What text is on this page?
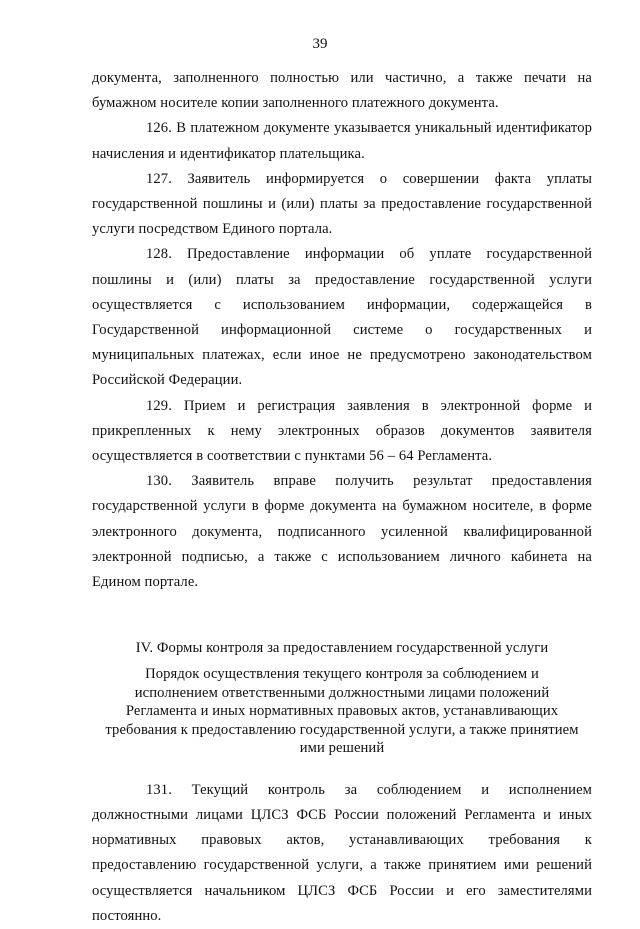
39

документа, заполненного полностью или частично, а также печати на бумажном носителе копии заполненного платежного документа.

126. В платежном документе указывается уникальный идентификатор начисления и идентификатор плательщика.

127. Заявитель информируется о совершении факта уплаты государственной пошлины и (или) платы за предоставление государственной услуги посредством Единого портала.

128. Предоставление информации об уплате государственной пошлины и (или) платы за предоставление государственной услуги осуществляется с использованием информации, содержащейся в Государственной информационной системе о государственных и муниципальных платежах, если иное не предусмотрено законодательством Российской Федерации.

129. Прием и регистрация заявления в электронной форме и прикрепленных к нему электронных образов документов заявителя осуществляется в соответствии с пунктами 56 – 64 Регламента.

130. Заявитель вправе получить результат предоставления государственной услуги в форме документа на бумажном носителе, в форме электронного документа, подписанного усиленной квалифицированной электронной подписью, а также с использованием личного кабинета на Едином портале.

IV. Формы контроля за предоставлением государственной услуги
Порядок осуществления текущего контроля за соблюдением и исполнением ответственными должностными лицами положений Регламента и иных нормативных правовых актов, устанавливающих требования к предоставлению государственной услуги, а также принятием ими решений

131. Текущий контроль за соблюдением и исполнением должностными лицами ЦЛСЗ ФСБ России положений Регламента и иных нормативных правовых актов, устанавливающих требования к предоставлению государственной услуги, а также принятием ими решений осуществляется начальником ЦЛСЗ ФСБ России и его заместителями постоянно.
